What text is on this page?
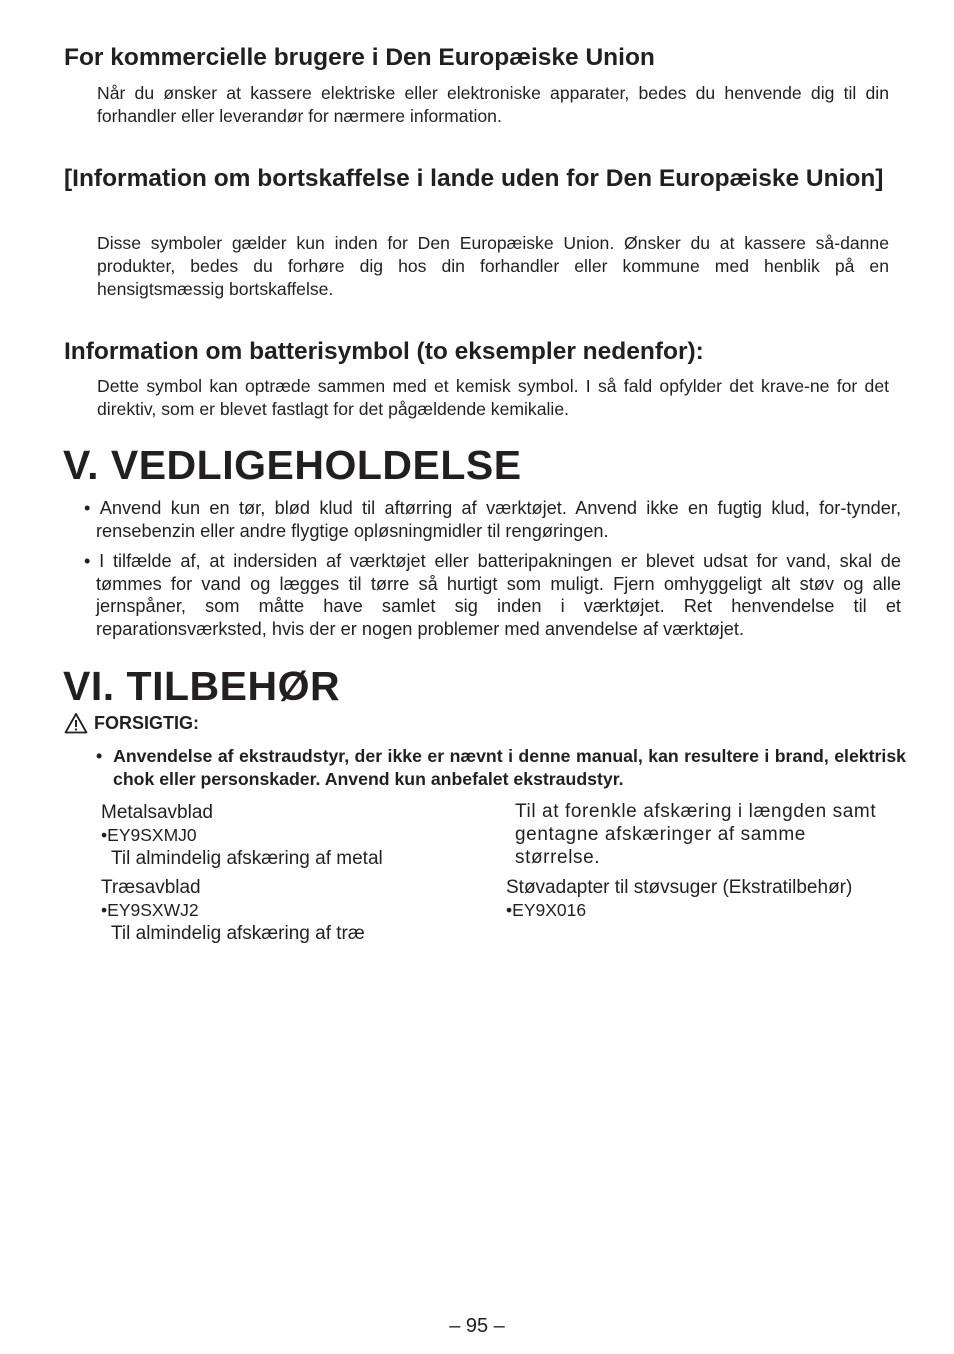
For kommercielle brugere i Den Europæiske Union
Når du ønsker at kassere elektriske eller elektroniske apparater, bedes du henvende dig til din forhandler eller leverandør for nærmere information.
[Information om bortskaffelse i lande uden for Den Europæiske Union]
Disse symboler gælder kun inden for Den Europæiske Union. Ønsker du at kassere så-danne produkter, bedes du forhøre dig hos din forhandler eller kommune med henblik på en hensigtsmæssig bortskaffelse.
Information om batterisymbol (to eksempler nedenfor):
Dette symbol kan optræde sammen med et kemisk symbol. I så fald opfylder det krave-ne for det direktiv, som er blevet fastlagt for det pågældende kemikalie.
V. VEDLIGEHOLDELSE
• Anvend kun en tør, blød klud til aftørring af værktøjet. Anvend ikke en fugtig klud, for-tynder, rensebenzin eller andre flygtige opløsningmidler til rengøringen.
• I tilfælde af, at indersiden af værktøjet eller batteripakningen er blevet udsat for vand, skal de tømmes for vand og lægges til tørre så hurtigt som muligt. Fjern omhyggeligt alt støv og alle jernspåner, som måtte have samlet sig inden i værktøjet. Ret henvendelse til et reparationsværksted, hvis der er nogen problemer med anvendelse af værktøjet.
VI. TILBEHØR
FORSIGTIG:
•  Anvendelse af ekstraudstyr, der ikke er nævnt i denne manual, kan resultere i brand, elektrisk chok eller personskader. Anvend kun anbefalet ekstraudstyr.
Metalsavblad
•EY9SXMJ0
Til almindelig afskæring af metal
Træsavblad
•EY9SXWJ2
Til almindelig afskæring af træ
Til at forenkle afskæring i længden samt gentagne afskæringer af samme størrelse.
Støvadapter til støvsuger (Ekstratilbehør)
•EY9X016
– 95 –
